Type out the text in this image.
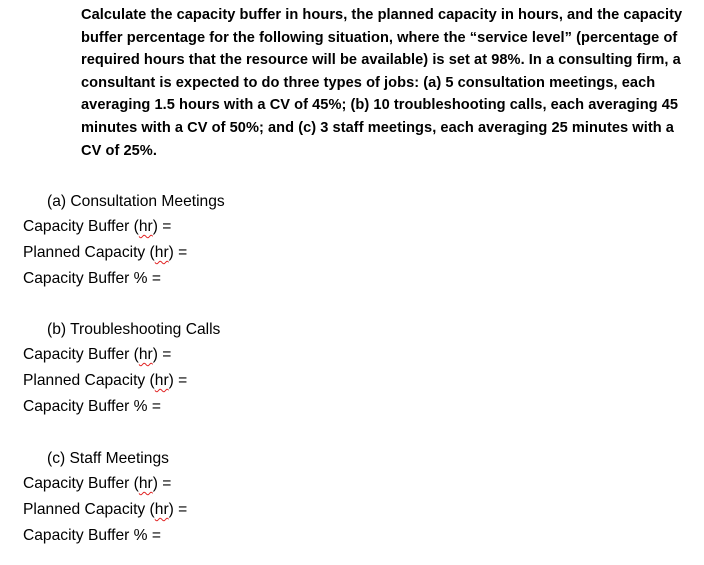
Calculate the capacity buffer in hours, the planned capacity in hours, and the capacity buffer percentage for the following situation, where the “service level” (percentage of required hours that the resource will be available) is set at 98%. In a consulting firm, a consultant is expected to do three types of jobs: (a) 5 consultation meetings, each averaging 1.5 hours with a CV of 45%; (b) 10 troubleshooting calls, each averaging 45 minutes with a CV of 50%; and (c) 3 staff meetings, each averaging 25 minutes with a CV of 25%.

(a) Consultation Meetings
Capacity Buffer (hr) =
Planned Capacity (hr) =
Capacity Buffer % =
(b) Troubleshooting Calls
Capacity Buffer (hr) =
Planned Capacity (hr) =
Capacity Buffer % =
(c) Staff Meetings
Capacity Buffer (hr) =
Planned Capacity (hr) =
Capacity Buffer % =
